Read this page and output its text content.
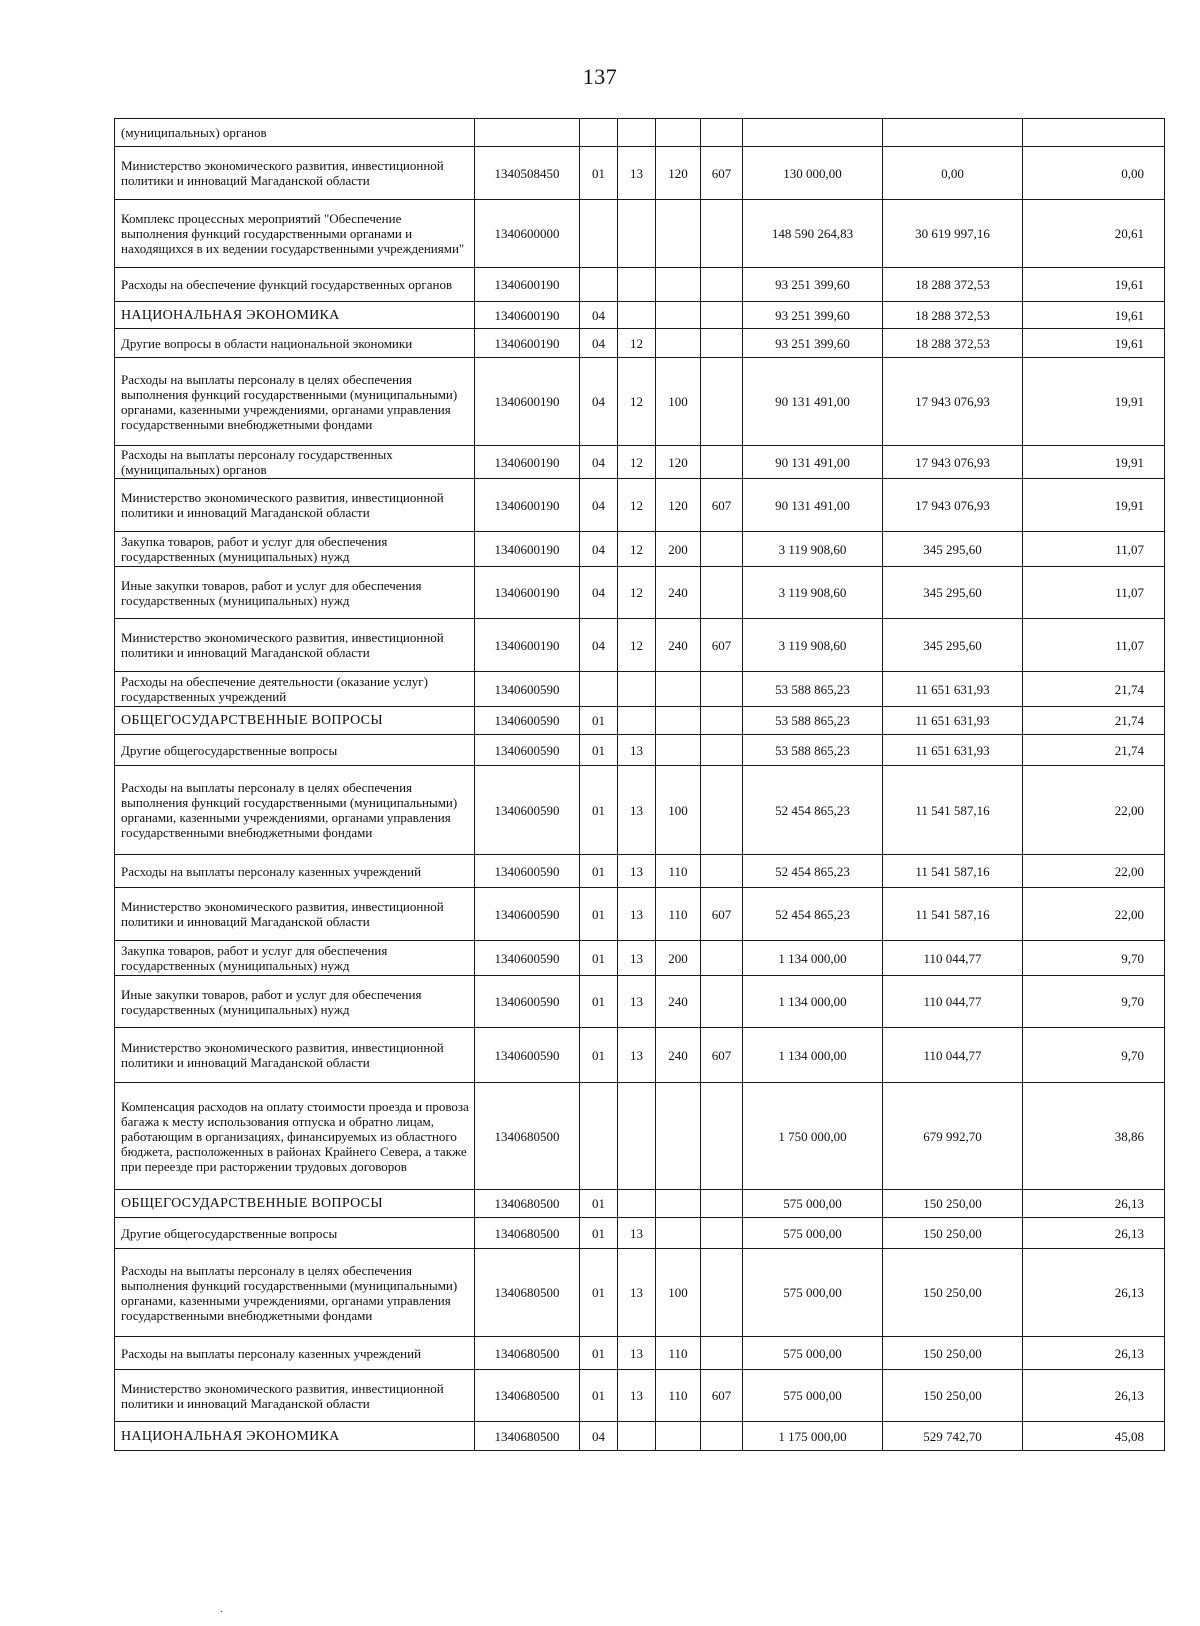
137
(муниципальных) органов								
Министерство экономического развития, инвестиционной политики и инноваций Магаданской области	1340508450	01	13	120	607	130 000,00	0,00	0,00
Комплекс процессных мероприятий "Обеспечение выполнения функций государственными органами и находящихся в их ведении государственными учреждениями"	1340600000					148 590 264,83	30 619 997,16	20,61
Расходы на обеспечение функций государственных органов	1340600190					93 251 399,60	18 288 372,53	19,61
НАЦИОНАЛЬНАЯ ЭКОНОМИКА	1340600190	04				93 251 399,60	18 288 372,53	19,61
Другие вопросы в области национальной экономики	1340600190	04	12			93 251 399,60	18 288 372,53	19,61
Расходы на выплаты персоналу в целях обеспечения выполнения функций государственными (муниципальными) органами, казенными учреждениями, органами управления государственными внебюджетными фондами	1340600190	04	12	100		90 131 491,00	17 943 076,93	19,91
Расходы на выплаты персоналу государственных (муниципальных) органов	1340600190	04	12	120		90 131 491,00	17 943 076,93	19,91
Министерство экономического развития, инвестиционной политики и инноваций Магаданской области	1340600190	04	12	120	607	90 131 491,00	17 943 076,93	19,91
Закупка товаров, работ и услуг для обеспечения государственных (муниципальных) нужд	1340600190	04	12	200		3 119 908,60	345 295,60	11,07
Иные закупки товаров, работ и услуг для обеспечения государственных (муниципальных) нужд	1340600190	04	12	240		3 119 908,60	345 295,60	11,07
Министерство экономического развития, инвестиционной политики и инноваций Магаданской области	1340600190	04	12	240	607	3 119 908,60	345 295,60	11,07
Расходы на обеспечение деятельности (оказание услуг) государственных учреждений	1340600590					53 588 865,23	11 651 631,93	21,74
ОБЩЕГОСУДАРСТВЕННЫЕ ВОПРОСЫ	1340600590	01				53 588 865,23	11 651 631,93	21,74
Другие общегосударственные вопросы	1340600590	01	13			53 588 865,23	11 651 631,93	21,74
Расходы на выплаты персоналу в целях обеспечения выполнения функций государственными (муниципальными) органами, казенными учреждениями, органами управления государственными внебюджетными фондами	1340600590	01	13	100		52 454 865,23	11 541 587,16	22,00
Расходы на выплаты персоналу казенных учреждений	1340600590	01	13	110		52 454 865,23	11 541 587,16	22,00
Министерство экономического развития, инвестиционной политики и инноваций Магаданской области	1340600590	01	13	110	607	52 454 865,23	11 541 587,16	22,00
Закупка товаров, работ и услуг для обеспечения государственных (муниципальных) нужд	1340600590	01	13	200		1 134 000,00	110 044,77	9,70
Иные закупки товаров, работ и услуг для обеспечения государственных (муниципальных) нужд	1340600590	01	13	240		1 134 000,00	110 044,77	9,70
Министерство экономического развития, инвестиционной политики и инноваций Магаданской области	1340600590	01	13	240	607	1 134 000,00	110 044,77	9,70
Компенсация расходов на оплату стоимости проезда и провоза багажа к месту использования отпуска и обратно лицам, работающим в организациях, финансируемых из областного бюджета, расположенных в районах Крайнего Севера, а также при переезде при расторжении трудовых договоров	1340680500					1 750 000,00	679 992,70	38,86
ОБЩЕГОСУДАРСТВЕННЫЕ ВОПРОСЫ	1340680500	01				575 000,00	150 250,00	26,13
Другие общегосударственные вопросы	1340680500	01	13			575 000,00	150 250,00	26,13
Расходы на выплаты персоналу в целях обеспечения выполнения функций государственными (муниципальными) органами, казенными учреждениями, органами управления государственными внебюджетными фондами	1340680500	01	13	100		575 000,00	150 250,00	26,13
Расходы на выплаты персоналу казенных учреждений	1340680500	01	13	110		575 000,00	150 250,00	26,13
Министерство экономического развития, инвестиционной политики и инноваций Магаданской области	1340680500	01	13	110	607	575 000,00	150 250,00	26,13
НАЦИОНАЛЬНАЯ ЭКОНОМИКА	1340680500	04				1 175 000,00	529 742,70	45,08
.
